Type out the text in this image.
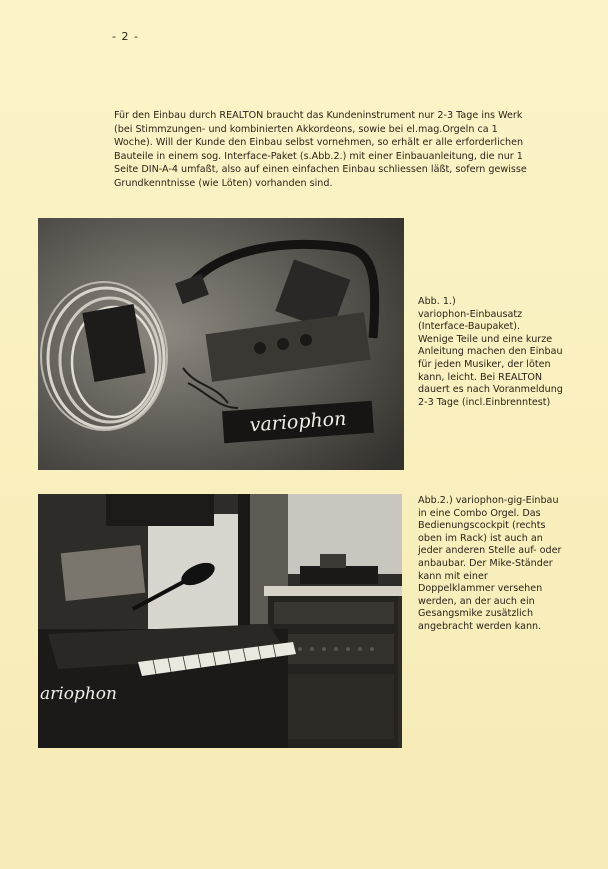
- 2 -
Für den Einbau durch REALTON braucht das Kundeninstrument nur 2-3 Tage ins Werk
(bei Stimmzungen- und kombinierten Akkordeons, sowie bei el.mag.Orgeln ca 1
Woche). Will der Kunde den Einbau selbst vornehmen, so erhält er alle erforderlichen
Bauteile in einem sog. Interface-Paket (s.Abb.2.) mit einer Einbauanleitung, die nur 1
Seite DIN-A-4 umfaßt, also auf einen einfachen Einbau schliessen läßt, sofern gewisse
Grundkenntnisse (wie Löten) vorhanden sind.
variophon
Abb. 1.)
variophon-Einbausatz
(Interface-Baupaket).
Wenige Teile und eine kurze
Anleitung machen den Einbau
für jeden Musiker, der löten
kann, leicht. Bei REALTON
dauert es nach Voranmeldung
2-3 Tage (incl.Einbrenntest)
ariophon
Abb.2.) variophon-gig-Einbau
in eine Combo Orgel. Das
Bedienungscockpit (rechts
oben im Rack) ist auch an
jeder anderen Stelle auf- oder
anbaubar. Der Mike-Ständer
kann mit einer
Doppelklammer versehen
werden, an der auch ein
Gesangsmike zusätzlich
angebracht werden kann.
